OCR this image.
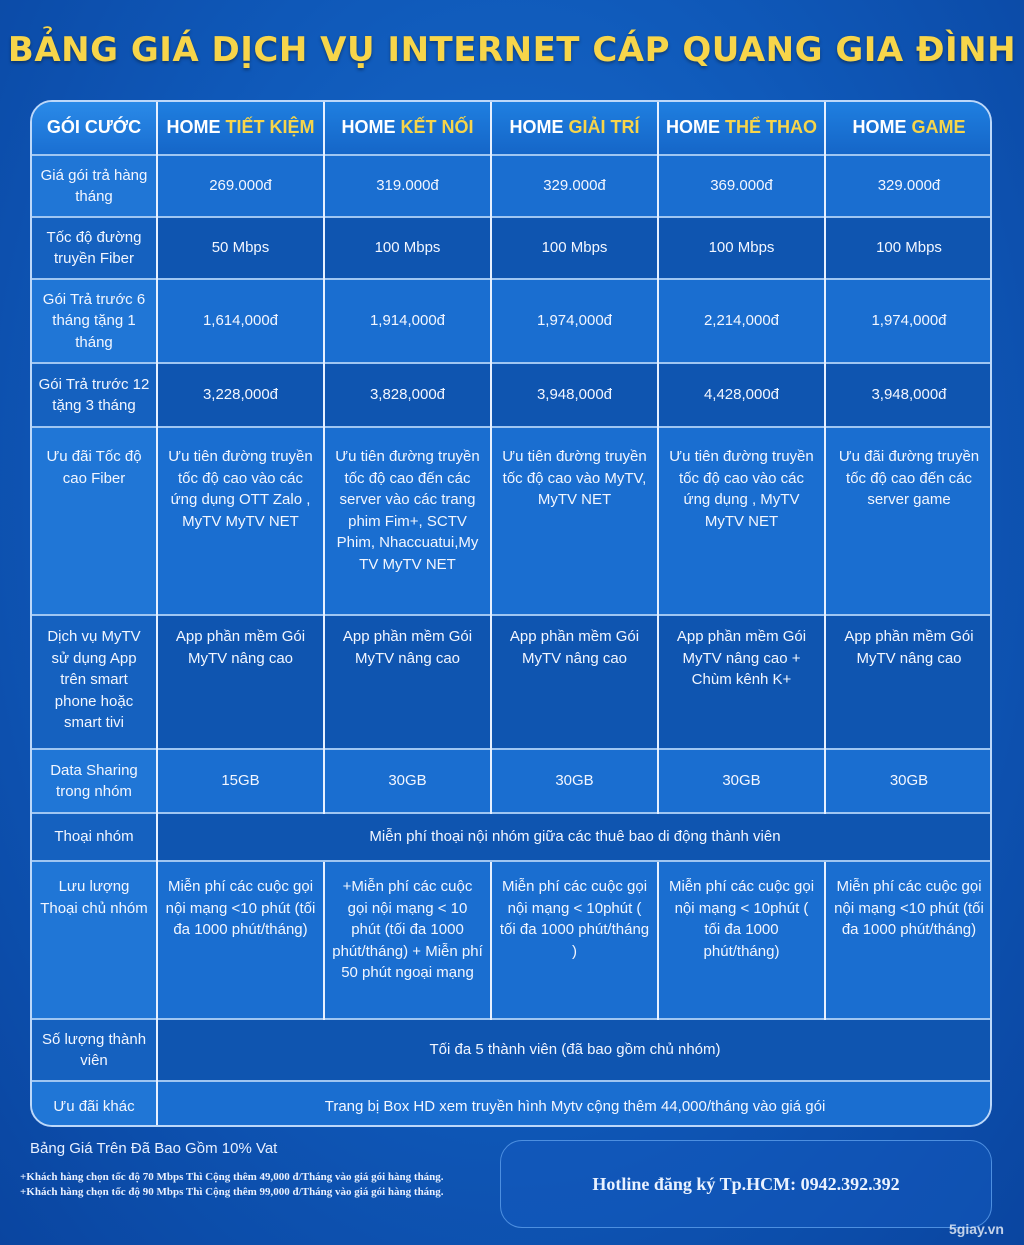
BẢNG GIÁ DỊCH VỤ INTERNET CÁP QUANG GIA ĐÌNH
GÓI CƯỚC	HOME TIẾT KIỆM	HOME KẾT NỐI	HOME GIẢI TRÍ	HOME THỂ THAO	HOME GAME
Giá gói trả hàng tháng	269.000đ	319.000đ	329.000đ	369.000đ	329.000đ
Tốc độ đường truyền Fiber	50 Mbps	100 Mbps	100 Mbps	100 Mbps	100 Mbps
Gói Trả trước 6 tháng tặng 1 tháng	1,614,000đ	1,914,000đ	1,974,000đ	2,214,000đ	1,974,000đ
Gói Trả trước 12 tặng 3 tháng	3,228,000đ	3,828,000đ	3,948,000đ	4,428,000đ	3,948,000đ
Ưu đãi Tốc độ cao Fiber	Ưu tiên đường truyền tốc độ cao vào các ứng dụng OTT Zalo , MyTV MyTV NET	Ưu tiên đường truyền tốc độ cao đến các server vào các trang phim Fim+, SCTV Phim, Nhaccuatui,My TV MyTV NET	Ưu tiên đường truyền tốc độ cao vào MyTV, MyTV NET	Ưu tiên đường truyền tốc độ cao vào các ứng dụng , MyTV MyTV NET	Ưu đãi đường truyền tốc độ cao đến các server game
Dịch vụ MyTV sử dụng App trên smart phone hoặc smart tivi	App phần mềm Gói MyTV nâng cao	App phần mềm Gói MyTV nâng cao	App phần mềm Gói MyTV nâng cao	App phần mềm Gói MyTV nâng cao + Chùm kênh K+	App phần mềm Gói MyTV nâng cao
Data Sharing trong nhóm	15GB	30GB	30GB	30GB	30GB
Thoại nhóm	Miễn phí thoại nội nhóm giữa các thuê bao di động thành viên				
Lưu lượng Thoại chủ nhóm	Miễn phí các cuộc gọi nội mạng <10 phút (tối đa 1000 phút/tháng)	+Miễn phí các cuộc gọi nội mạng < 10 phút (tối đa 1000 phút/tháng) + Miễn phí 50 phút ngoại mạng	Miễn phí các cuộc gọi nội mạng < 10phút ( tối đa 1000 phút/tháng )	Miễn phí các cuộc gọi nội mạng < 10phút ( tối đa 1000 phút/tháng)	Miễn phí các cuộc gọi nội mạng <10 phút (tối đa 1000 phút/tháng)
Số lượng thành viên	Tối đa 5 thành viên (đã bao gồm chủ nhóm)				
Ưu đãi khác	Trang bị Box HD xem truyền hình Mytv cộng thêm 44,000/tháng vào giá gói				
Bảng Giá Trên Đã Bao Gồm 10% Vat
+Khách hàng chọn tốc độ 70 Mbps Thì Cộng thêm 49,000 đ/Tháng vào giá gói hàng tháng.
+Khách hàng chọn tốc độ 90 Mbps Thì Cộng thêm 99,000 đ/Tháng vào giá gói hàng tháng.	Hotline đăng ký Tp.HCM: 0942.392.392
5giay.vn
